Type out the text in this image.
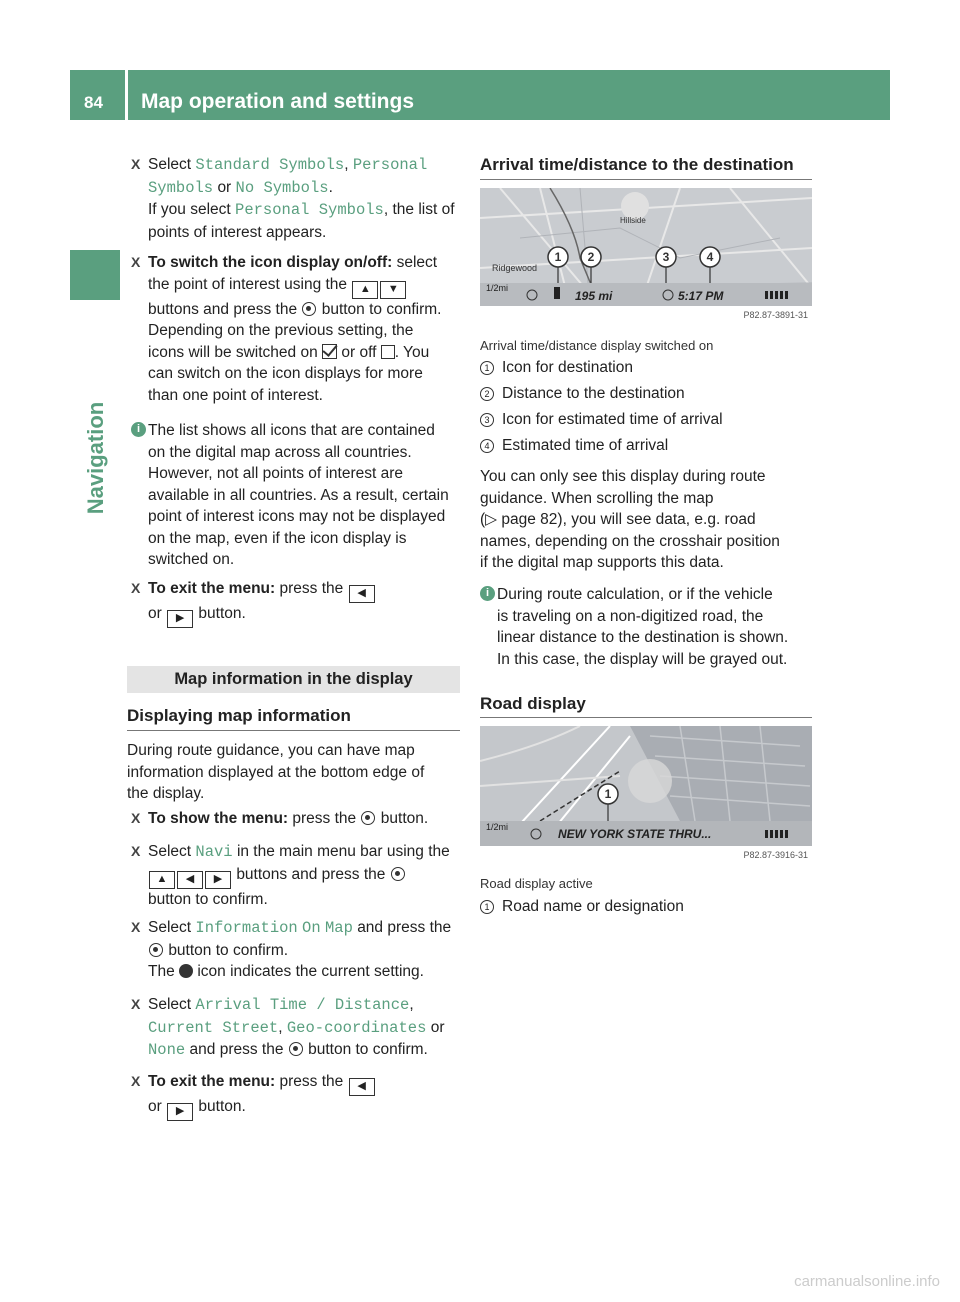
84 Map operation and settings
Navigation
X Select Standard Symbols, Personal
Symbols or No Symbols.
If you select Personal Symbols, the list of
points of interest appears.
X To switch the icon display on/off: select
the point of interest using the ▲ ▼
buttons and press the button to confirm.
Depending on the previous setting, the
icons will be switched on or off . You
can switch on the icon displays for more
than one point of interest.
i The list shows all icons that are contained
on the digital map across all countries.
However, not all points of interest are
available in all countries. As a result, certain
point of interest icons may not be displayed
on the map, even if the icon display is
switched on.
X To exit the menu: press the ◀
or ▶ button.
Map information in the display
Displaying map information
During route guidance, you can have map
information displayed at the bottom edge of
the display.
X To show the menu: press the button.
X Select Navi in the main menu bar using the
▲ ◀ ▶ buttons and press the
button to confirm.
X Select Information On Map and press the
button to confirm.
The icon indicates the current setting.
X Select Arrival Time / Distance,
Current Street, Geo-coordinates or
None and press the button to confirm.
X To exit the menu: press the ◀
or ▶ button.
Arrival time/distance to the destination
1 2	3	4
Ridgewood
Hillside
1/2mi
195 mi	5:17 PM
P82.87-3891-31
Arrival time/distance display switched on
1 Icon for destination
2 Distance to the destination
3 Icon for estimated time of arrival
4 Estimated time of arrival
You can only see this display during route
guidance. When scrolling the map
(▷ page 82), you will see data, e.g. road
names, depending on the crosshair position
if the digital map supports this data.
i During route calculation, or if the vehicle
is traveling on a non-digitized road, the
linear distance to the destination is shown.
In this case, the display will be grayed out.
Road display
1
1/2mi	NEW YORK STATE THRU...
P82.87-3916-31
Road display active
1 Road name or designation
carmanualsonline.info
